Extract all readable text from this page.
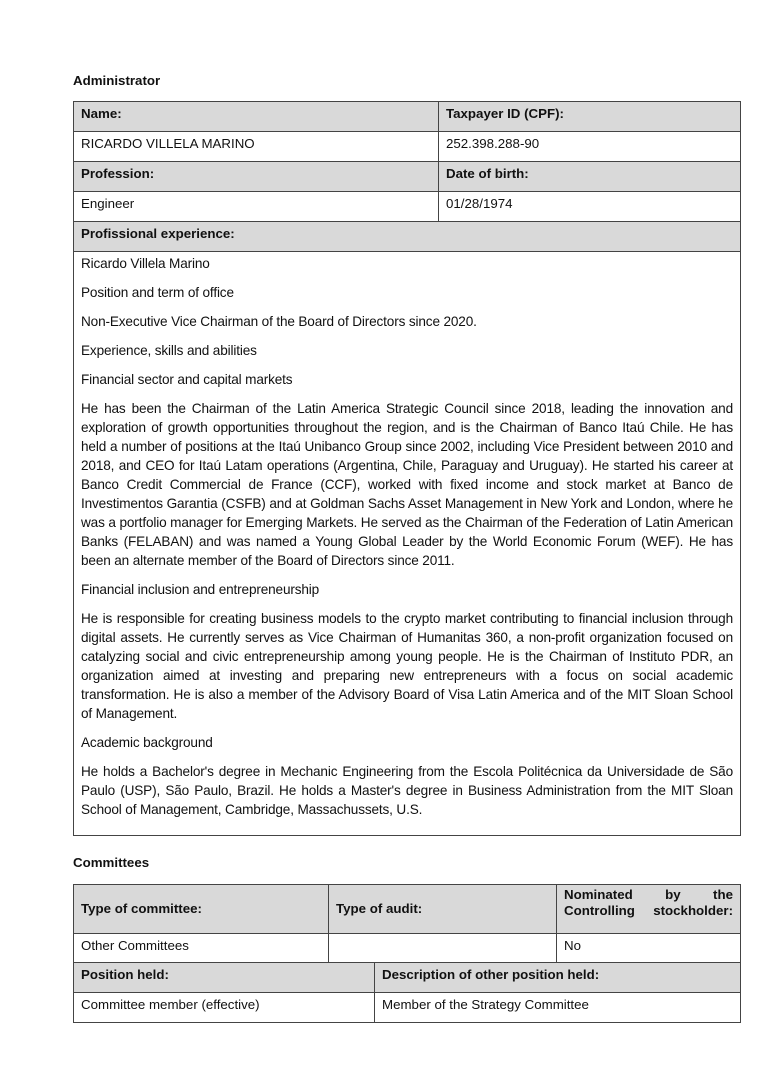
Administrator
Name:	Taxpayer ID (CPF):
RICARDO VILLELA MARINO	252.398.288-90
Profession:	Date of birth:
Engineer	01/28/1974
Profissional experience:	

Ricardo Villela Marino

Position and term of office

Non-Executive Vice Chairman of the Board of Directors since 2020.

Experience, skills and abilities

Financial sector and capital markets

He has been the Chairman of the Latin America Strategic Council since 2018, leading the innovation and exploration of growth opportunities throughout the region, and is the Chairman of Banco Itaú Chile. He has held a number of positions at the Itaú Unibanco Group since 2002, including Vice President between 2010 and 2018, and CEO for Itaú Latam operations (Argentina, Chile, Paraguay and Uruguay). He started his career at Banco Credit Commercial de France (CCF), worked with fixed income and stock market at Banco de Investimentos Garantia (CSFB) and at Goldman Sachs Asset Management in New York and London, where he was a portfolio manager for Emerging Markets. He served as the Chairman of the Federation of Latin American Banks (FELABAN) and was named a Young Global Leader by the World Economic Forum (WEF). He has been an alternate member of the Board of Directors since 2011.

Financial inclusion and entrepreneurship

He is responsible for creating business models to the crypto market contributing to financial inclusion through digital assets. He currently serves as Vice Chairman of Humanitas 360, a non-profit organization focused on catalyzing social and civic entrepreneurship among young people. He is the Chairman of Instituto PDR, an organization aimed at investing and preparing new entrepreneurs with a focus on social academic transformation. He is also a member of the Advisory Board of Visa Latin America and of the MIT Sloan School of Management.

Academic background

He holds a Bachelor's degree in Mechanic Engineering from the Escola Politécnica da Universidade de São Paulo (USP), São Paulo, Brazil. He holds a Master's degree in Business Administration from the MIT Sloan School of Management, Cambridge, Massachussets, U.S.

Committees
Type of committee:	Type of audit:	Nominated by the Controlling stockholder:
Other Committees		No
Position held:	Description of other position held:
Committee member (effective)	Member of the Strategy Committee
